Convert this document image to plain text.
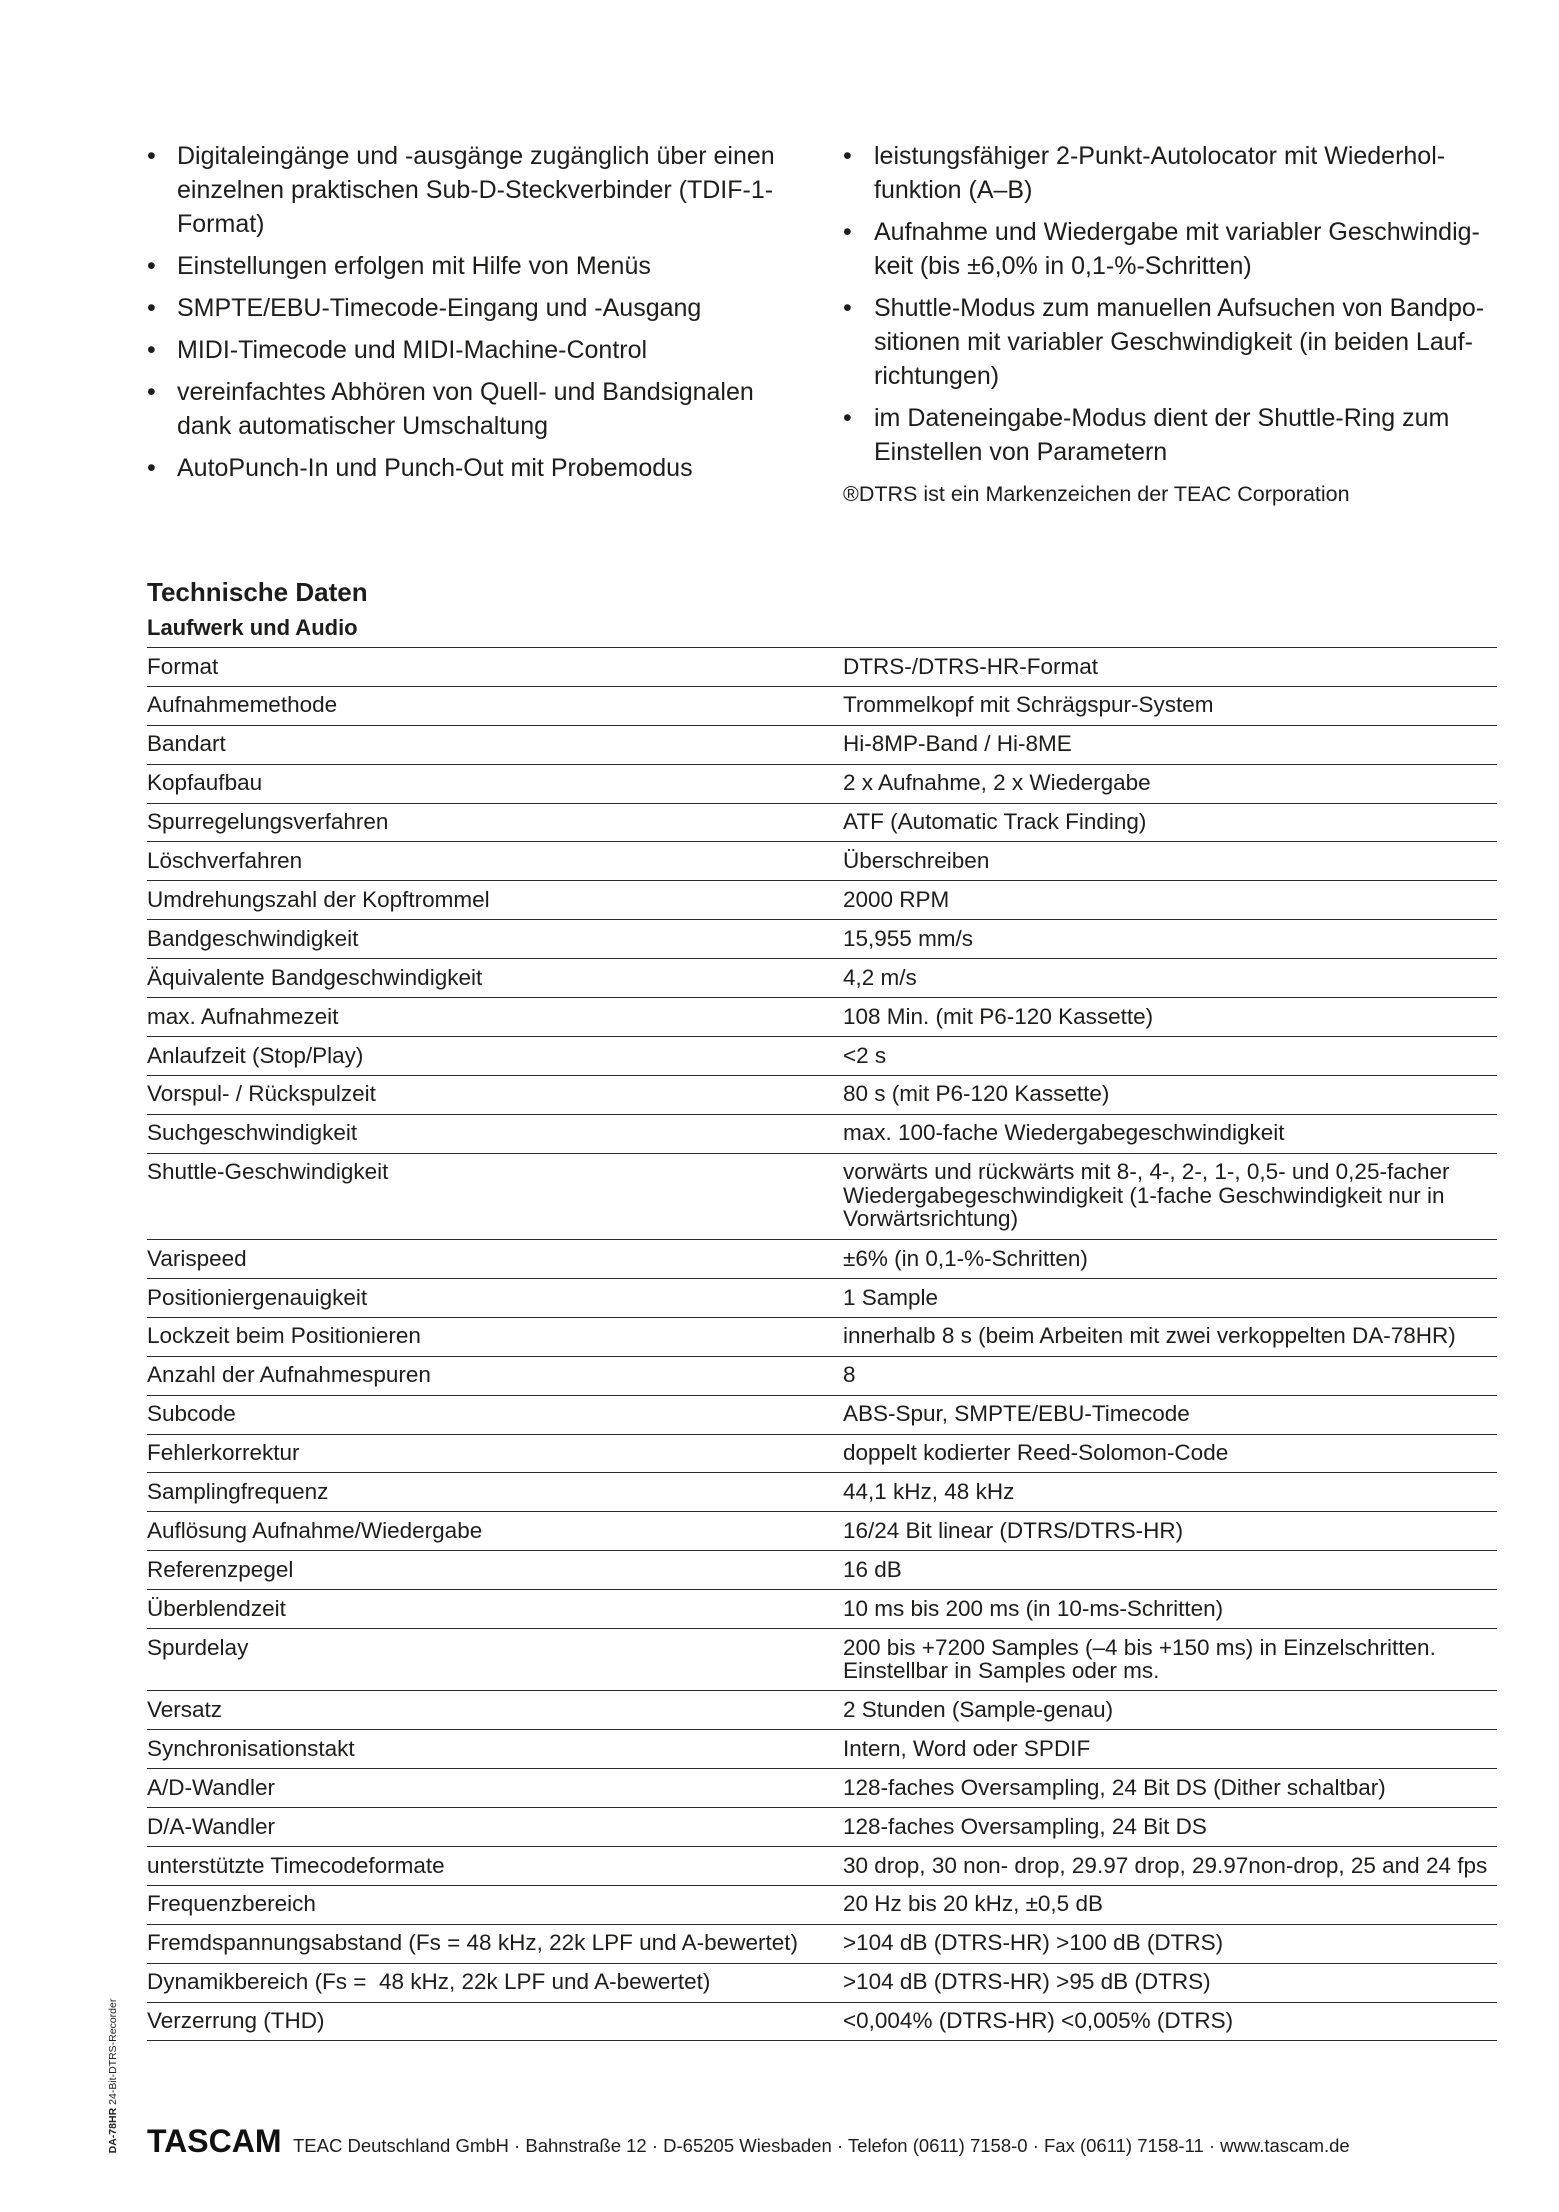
• Digitaleingänge und -ausgänge zugänglich über einen
einzelnen praktischen Sub-D-Steckverbinder (TDIF-1-
Format)
• Einstellungen erfolgen mit Hilfe von Menüs
• SMPTE/EBU-Timecode-Eingang und -Ausgang
• MIDI-Timecode und MIDI-Machine-Control
• vereinfachtes Abhören von Quell- und Bandsignalen
dank automatischer Umschaltung
• AutoPunch-In und Punch-Out mit Probemodus
• leistungsfähiger 2-Punkt-Autolocator mit Wiederhol-
funktion (A–B)
• Aufnahme und Wiedergabe mit variabler Geschwindig-
keit (bis ±6,0% in 0,1-%-Schritten)
• Shuttle-Modus zum manuellen Aufsuchen von Bandpo-
sitionen mit variabler Geschwindigkeit (in beiden Lauf-
richtungen)
• im Dateneingabe-Modus dient der Shuttle-Ring zum
Einstellen von Parametern
®DTRS ist ein Markenzeichen der TEAC Corporation
Technische Daten
Laufwerk und Audio
Format	DTRS-/DTRS-HR-Format
Aufnahmemethode	Trommelkopf mit Schrägspur-System
Bandart	Hi-8MP-Band / Hi-8ME
Kopfaufbau	2 x Aufnahme, 2 x Wiedergabe
Spurregelungsverfahren	ATF (Automatic Track Finding)
Löschverfahren	Überschreiben
Umdrehungszahl der Kopftrommel	2000 RPM
Bandgeschwindigkeit	15,955 mm/s
Äquivalente Bandgeschwindigkeit	4,2 m/s
max. Aufnahmezeit	108 Min. (mit P6-120 Kassette)
Anlaufzeit (Stop/Play)	<2 s
Vorspul- / Rückspulzeit	80 s (mit P6-120 Kassette)
Suchgeschwindigkeit	max. 100-fache Wiedergabegeschwindigkeit
Shuttle-Geschwindigkeit	vorwärts und rückwärts mit 8-, 4-, 2-, 1-, 0,5- und 0,25-facher
Wiedergabegeschwindigkeit (1-fache Geschwindigkeit nur in
Vorwärtsrichtung)
Varispeed	±6% (in 0,1-%-Schritten)
Positioniergenauigkeit	1 Sample
Lockzeit beim Positionieren	innerhalb 8 s (beim Arbeiten mit zwei verkoppelten DA-78HR)
Anzahl der Aufnahmespuren	8
Subcode	ABS-Spur, SMPTE/EBU-Timecode
Fehlerkorrektur	doppelt kodierter Reed-Solomon-Code
Samplingfrequenz	44,1 kHz, 48 kHz
Auflösung Aufnahme/Wiedergabe	16/24 Bit linear (DTRS/DTRS-HR)
Referenzpegel	16 dB
Überblendzeit	10 ms bis 200 ms (in 10-ms-Schritten)
Spurdelay	200 bis +7200 Samples (–4 bis +150 ms) in Einzelschritten.
Einstellbar in Samples oder ms.
Versatz	2 Stunden (Sample-genau)
Synchronisationstakt	Intern, Word oder SPDIF
A/D-Wandler	128-faches Oversampling, 24 Bit DS (Dither schaltbar)
D/A-Wandler	128-faches Oversampling, 24 Bit DS
unterstützte Timecodeformate	30 drop, 30 non- drop, 29.97 drop, 29.97non-drop, 25 and 24 fps
Frequenzbereich	20 Hz bis 20 kHz, ±0,5 dB
Fremdspannungsabstand (Fs = 48 kHz, 22k LPF und A-bewertet)	>104 dB (DTRS-HR) >100 dB (DTRS)
Dynamikbereich (Fs =  48 kHz, 22k LPF und A-bewertet)	>104 dB (DTRS-HR) >95 dB (DTRS)
Verzerrung (THD)	<0,004% (DTRS-HR) <0,005% (DTRS)
DA-78HR24-Bit-DTRS-Recorder
TASCAM TEAC Deutschland GmbH · Bahnstraße 12 · D-65205 Wiesbaden · Telefon (0611) 7158-0 · Fax (0611) 7158-11 · www.tascam.de
